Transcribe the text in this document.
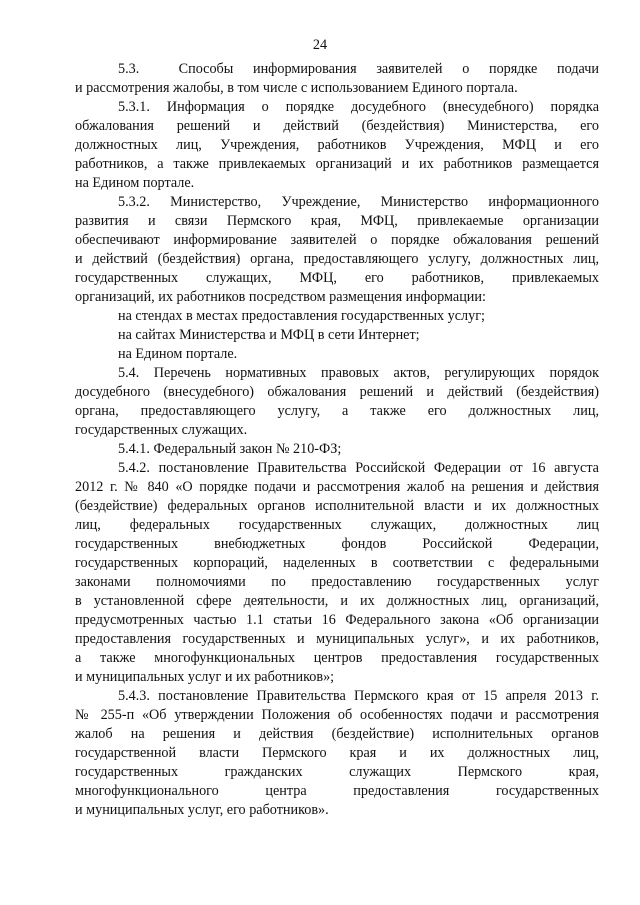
24
5.3.  Способы информирования заявителей о порядке подачи
и рассмотрения жалобы, в том числе с использованием Единого портала.
5.3.1. Информация о порядке досудебного (внесудебного) порядка
обжалования решений и действий (бездействия) Министерства, его
должностных лиц, Учреждения, работников Учреждения, МФЦ и его
работников, а также привлекаемых организаций и их работников размещается
на Едином портале.
5.3.2. Министерство, Учреждение, Министерство информационного
развития и связи Пермского края, МФЦ, привлекаемые организации
обеспечивают информирование заявителей о порядке обжалования решений
и действий (бездействия) органа, предоставляющего услугу, должностных лиц,
государственных служащих, МФЦ, его работников, привлекаемых
организаций, их работников посредством размещения информации:
на стендах в местах предоставления государственных услуг;
на сайтах Министерства и МФЦ в сети Интернет;
на Едином портале.
5.4. Перечень нормативных правовых актов, регулирующих порядок
досудебного (внесудебного) обжалования решений и действий (бездействия)
органа, предоставляющего услугу, а также его должностных лиц,
государственных служащих.
5.4.1. Федеральный закон № 210-ФЗ;
5.4.2. постановление Правительства Российской Федерации от 16 августа
2012 г. № 840 «О порядке подачи и рассмотрения жалоб на решения и действия
(бездействие) федеральных органов исполнительной власти и их должностных
лиц, федеральных государственных служащих, должностных лиц
государственных внебюджетных фондов Российской Федерации,
государственных корпораций, наделенных в соответствии с федеральными
законами полномочиями по предоставлению государственных услуг
в установленной сфере деятельности, и их должностных лиц, организаций,
предусмотренных частью 1.1 статьи 16 Федерального закона «Об организации
предоставления государственных и муниципальных услуг», и их работников,
а также многофункциональных центров предоставления государственных
и муниципальных услуг и их работников»;
5.4.3. постановление Правительства Пермского края от 15 апреля 2013 г.
№ 255-п «Об утверждении Положения об особенностях подачи и рассмотрения
жалоб на решения и действия (бездействие) исполнительных органов
государственной власти Пермского края и их должностных лиц,
государственных гражданских служащих Пермского края,
многофункционального центра предоставления государственных
и муниципальных услуг, его работников».
